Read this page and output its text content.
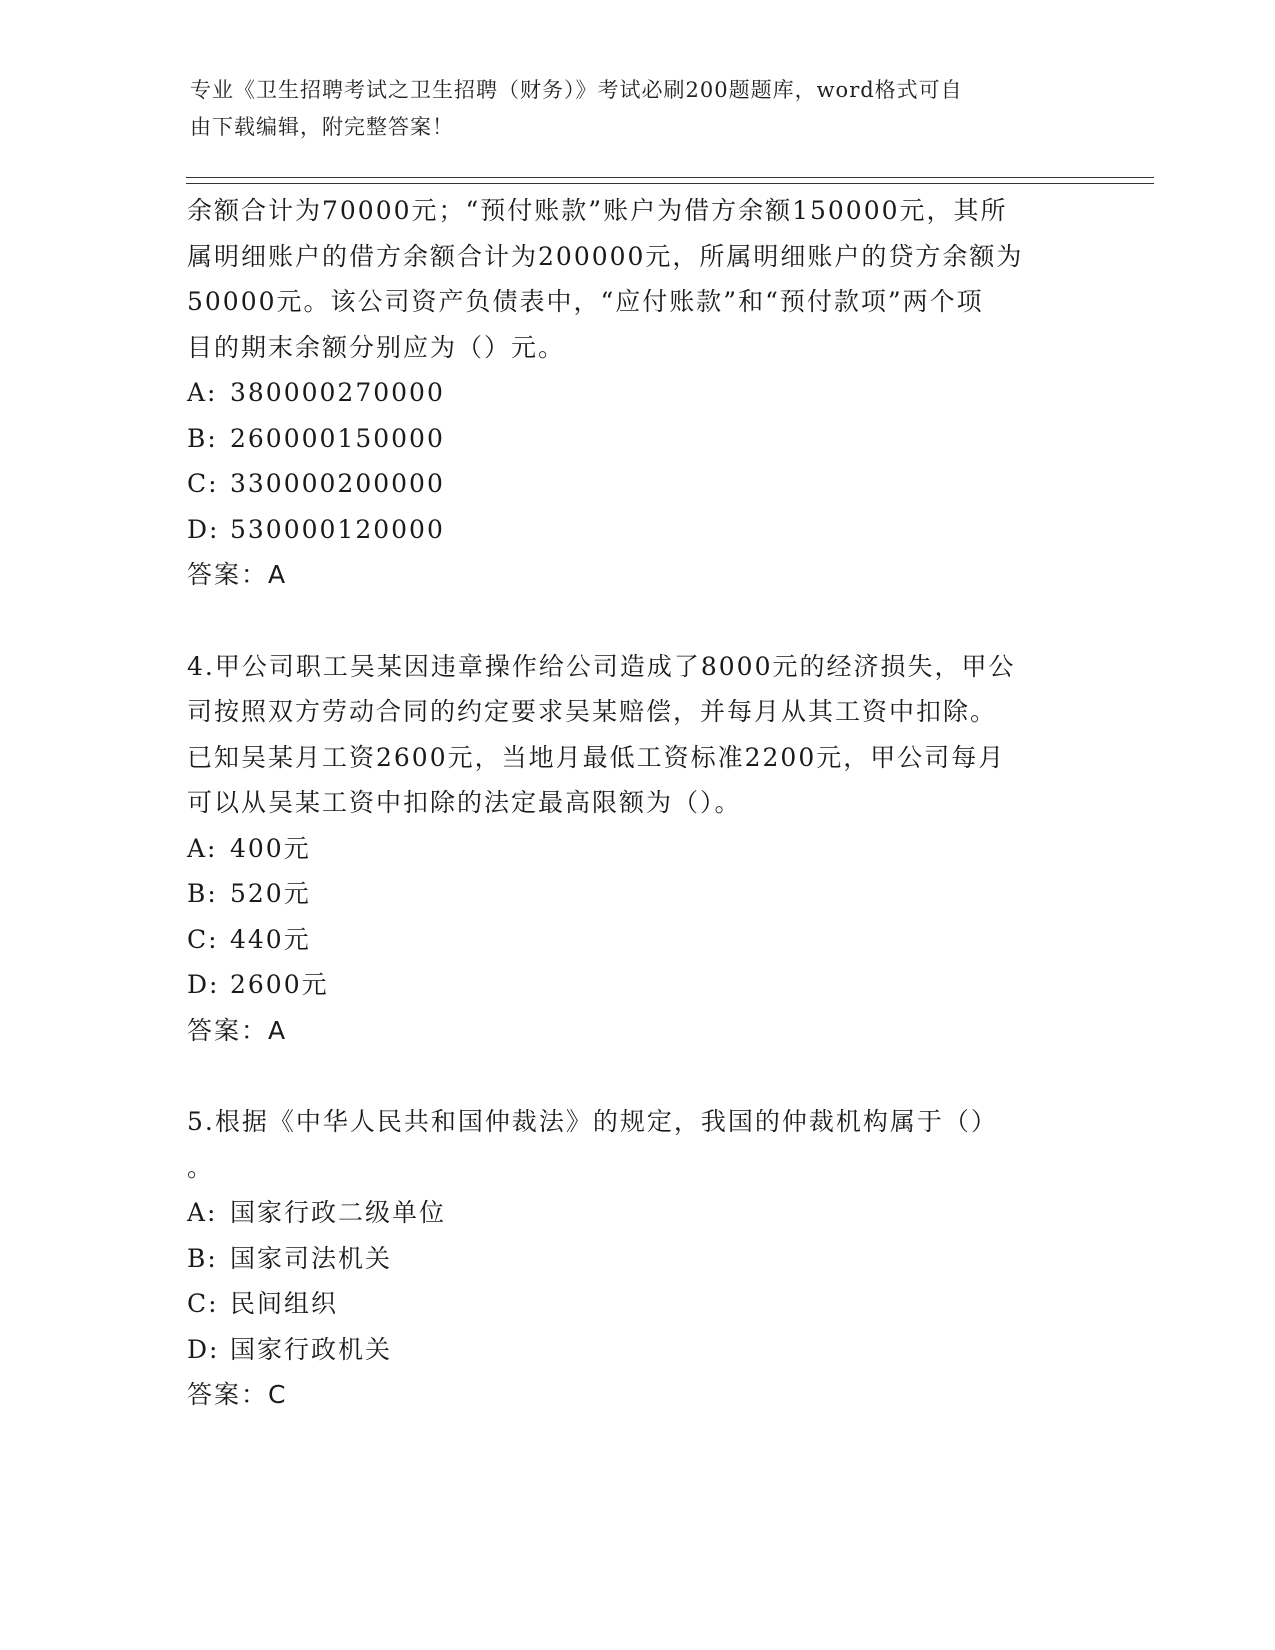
专业《卫生招聘考试之卫生招聘（财务）》考试必刷200题题库，word格式可自
由下载编辑，附完整答案！
余额合计为70000元；“预付账款”账户为借方余额150000元，其所
属明细账户的借方余额合计为200000元，所属明细账户的贷方余额为
50000元。该公司资产负债表中，“应付账款”和“预付款项”两个项
目的期末余额分别应为（）元。
A: 380000270000
B: 260000150000
C: 330000200000
D: 530000120000
答案：A
4.甲公司职工吴某因违章操作给公司造成了8000元的经济损失，甲公
司按照双方劳动合同的约定要求吴某赔偿，并每月从其工资中扣除。
已知吴某月工资2600元，当地月最低工资标准2200元，甲公司每月
可以从吴某工资中扣除的法定最高限额为（）。
A: 400元
B: 520元
C: 440元
D: 2600元
答案：A
5.根据《中华人民共和国仲裁法》的规定，我国的仲裁机构属于（）
。
A: 国家行政二级单位
B: 国家司法机关
C: 民间组织
D: 国家行政机关
答案：C
